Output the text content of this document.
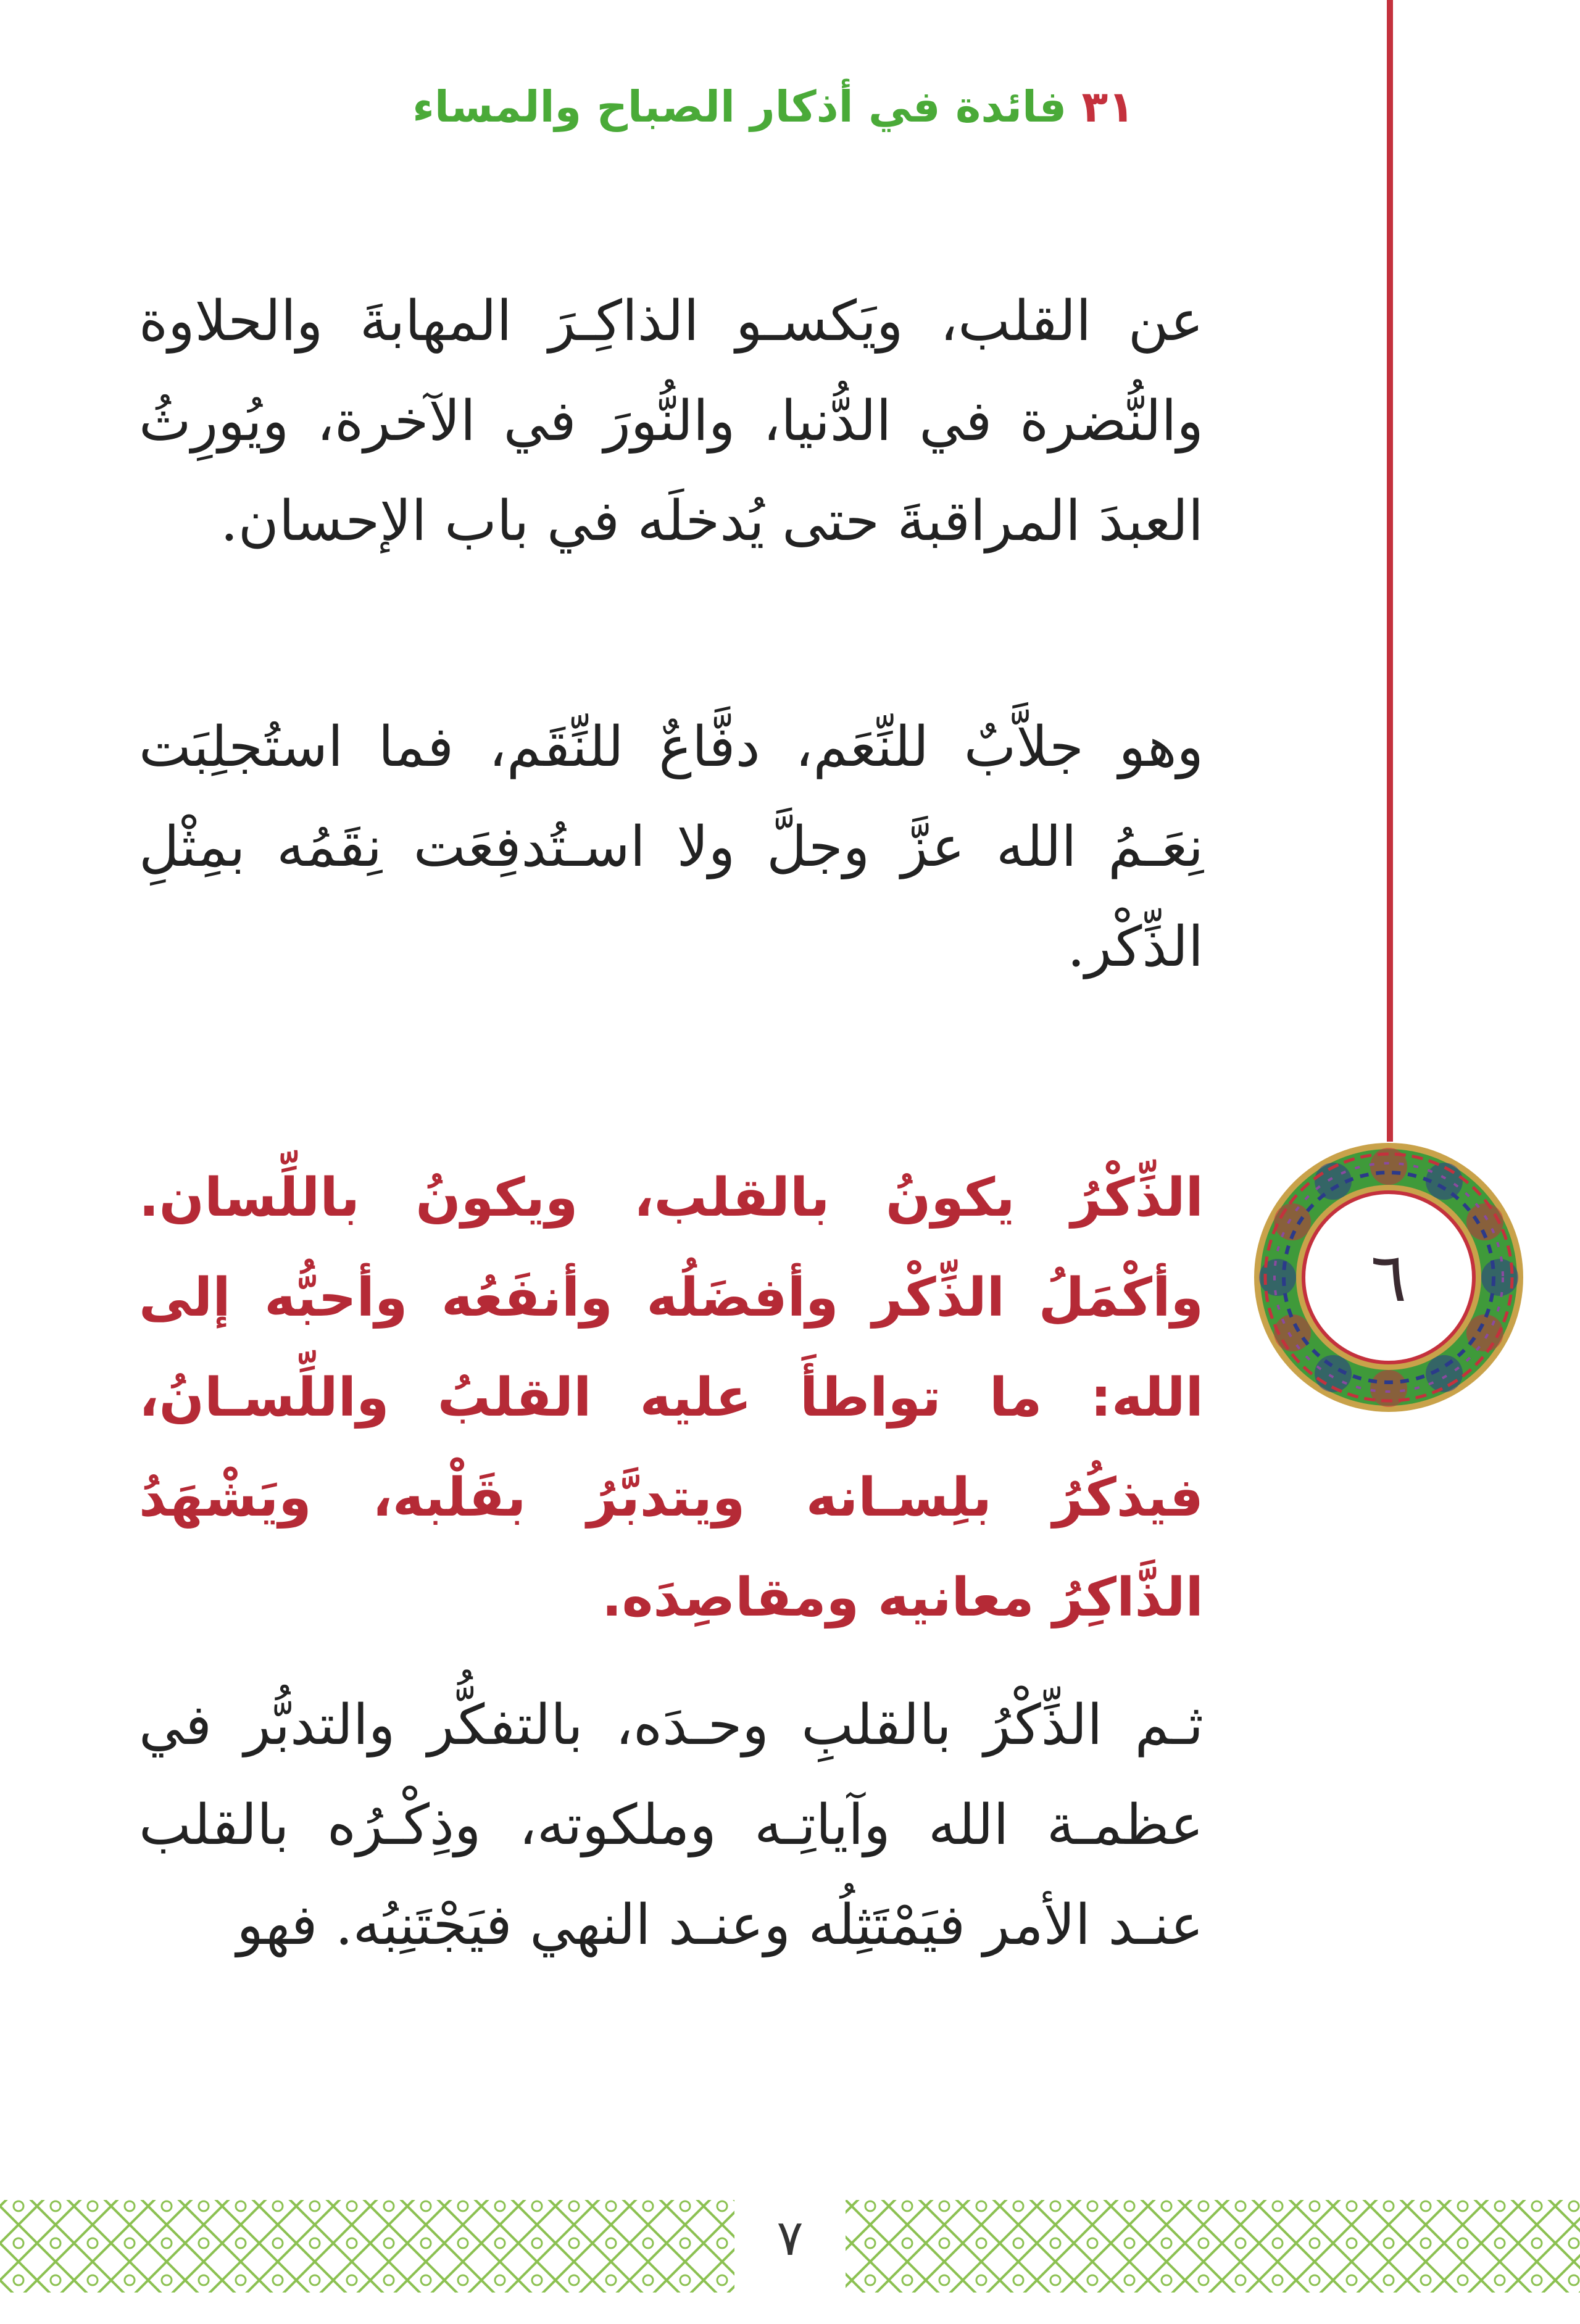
٣١ فائدة في أذكار الصباح والمساء

عن القلب، ويَكسـو الذاكِـرَ المهابةَ والحلاوة والنُّضرة في الدُّنيا، والنُّورَ في الآخرة، ويُورِثُ العبدَ المراقبةَ حتى يُدخلَه في باب الإحسان.

وهو جلاَّبٌ للنِّعَم، دفَّاعٌ للنِّقَم، فما استُجلِبَت نِعَـمُ الله عزَّ وجلَّ ولا اسـتُدفِعَت نِقَمُه بمِثْلِ الذِّكْر.

الذِّكْرُ يكونُ بالقلب، ويكونُ باللِّسان. وأكْمَلُ الذِّكْر وأفضَلُه وأنفَعُه وأحبُّه إلى الله: ما تواطأَ عليه القلبُ واللِّسـانُ، فيذكُرُ بلِسـانه ويتدبَّرُ بقَلْبه، ويَشْهَدُ الذَّاكِرُ معانيه ومقاصِدَه.

ثـم الذِّكْرُ بالقلبِ وحـدَه، بالتفكُّر والتدبُّر في عظمـة الله وآياتِـه وملكوته، وذِكْـرُه بالقلب عنـد الأمر فيَمْتَثِلُه وعنـد النهي فيَجْتَنِبُه. فهو

٦
٧
